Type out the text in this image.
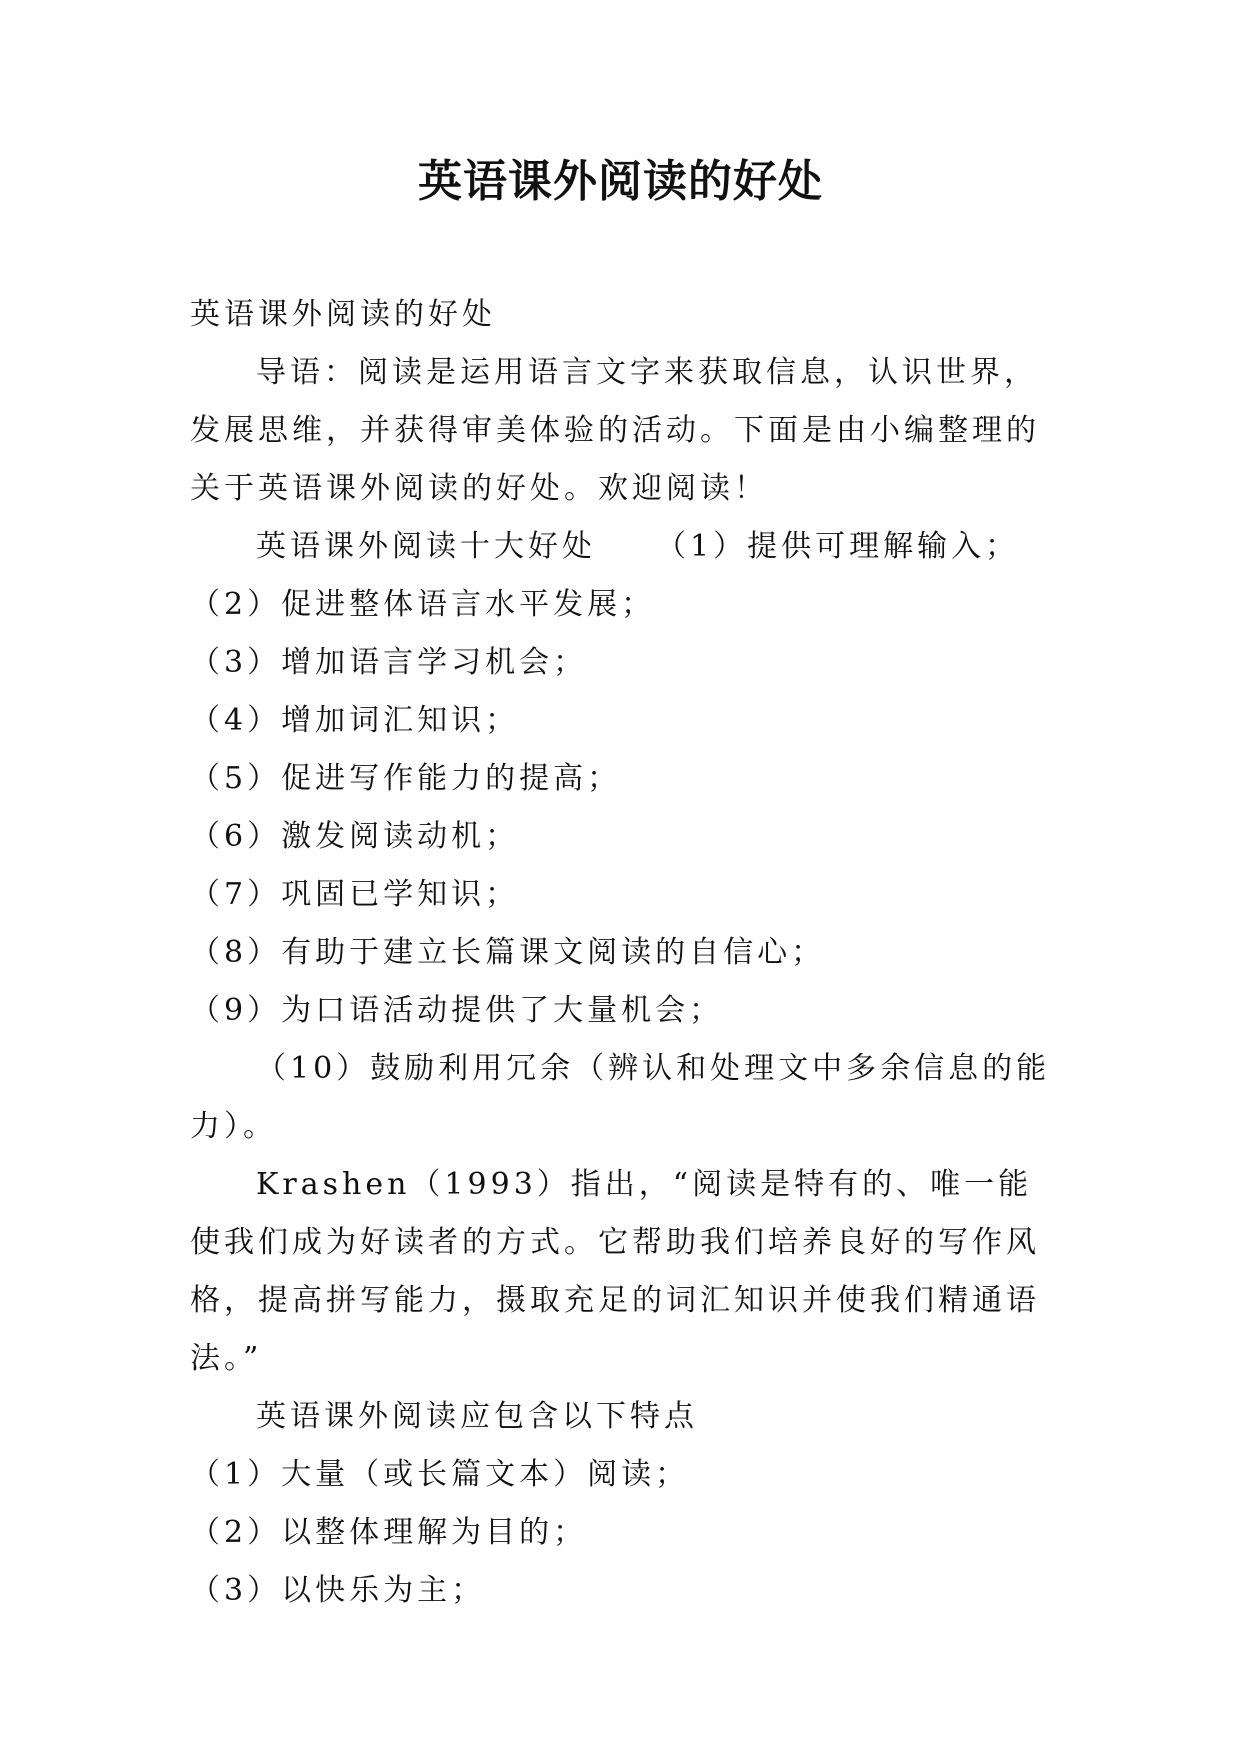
英语课外阅读的好处

英语课外阅读的好处

导语：阅读是运用语言文字来获取信息，认识世界，发展思维，并获得审美体验的活动。下面是由小编整理的关于英语课外阅读的好处。欢迎阅读！

英语课外阅读十大好处 （1）提供可理解输入；

（2）促进整体语言水平发展；

（3）增加语言学习机会；

（4）增加词汇知识；

（5）促进写作能力的提高；

（6）激发阅读动机；

（7）巩固已学知识；

（8）有助于建立长篇课文阅读的自信心；

（9）为口语活动提供了大量机会；

（10）鼓励利用冗余（辨认和处理文中多余信息的能力）。

Krashen（1993）指出，“阅读是特有的、唯一能使我们成为好读者的方式。它帮助我们培养良好的写作风格，提高拼写能力，摄取充足的词汇知识并使我们精通语法。”

英语课外阅读应包含以下特点

（1）大量（或长篇文本）阅读；

（2）以整体理解为目的；

（3）以快乐为主；
